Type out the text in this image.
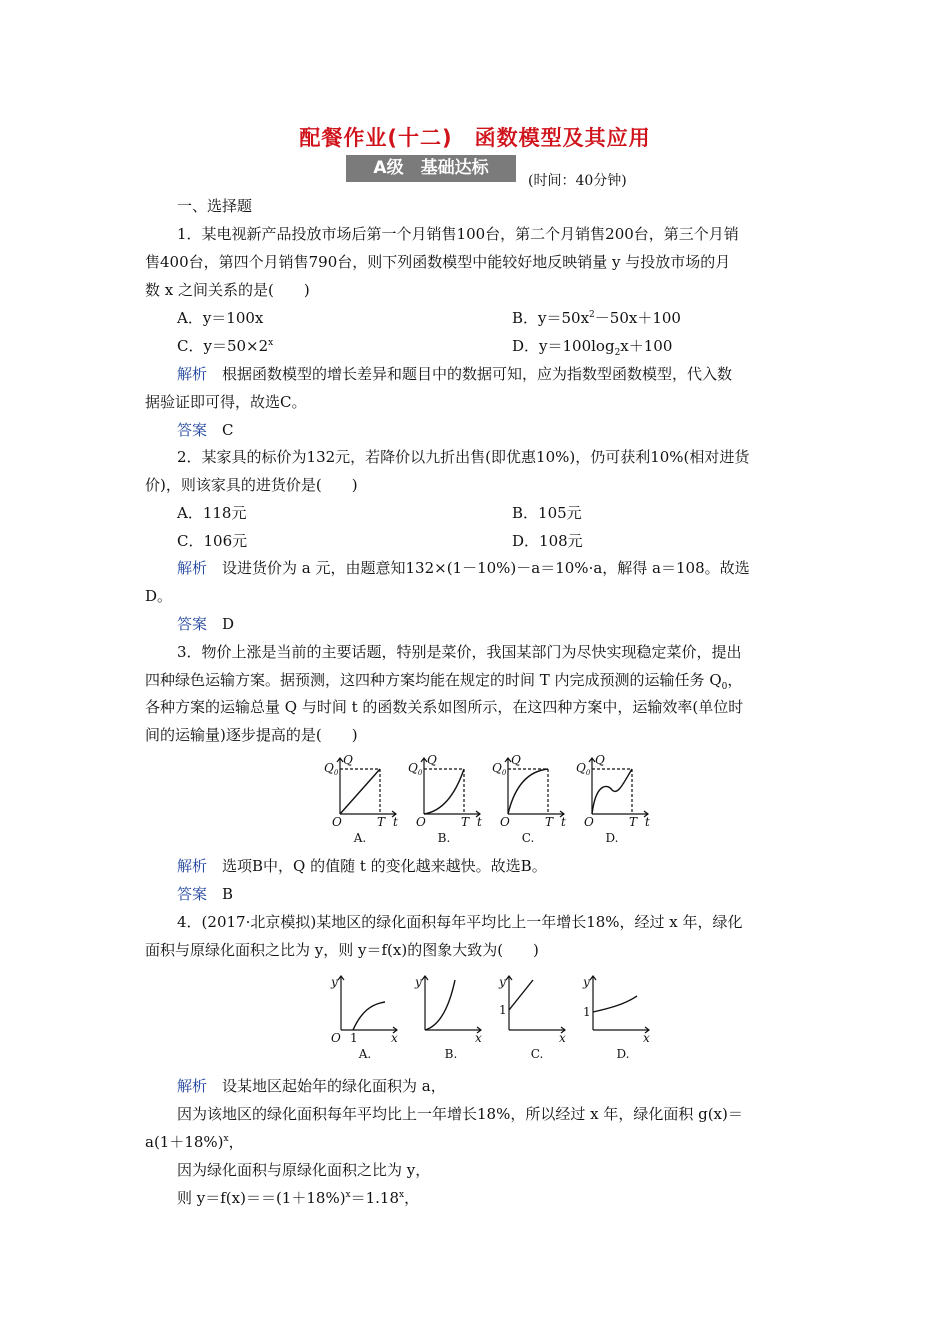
配餐作业(十二)　函数模型及其应用
A级　基础达标
(时间：40分钟)
一、选择题
1．某电视新产品投放市场后第一个月销售100台，第二个月销售200台，第三个月销
售400台，第四个月销售790台，则下列函数模型中能较好地反映销量 y 与投放市场的月
数 x 之间关系的是(　　)
A．y＝100x	B．$y=50x^2-50x+100$
C．$y=50\times 2^x$	D．$y=100\log_2x+100$
解析　根据函数模型的增长差异和题目中的数据可知，应为指数型函数模型，代入数
据验证即可得，故选C。
答案　C
2．某家具的标价为132元，若降价以九折出售(即优惠10%)，仍可获利10%(相对进货
价)，则该家具的进货价是(　　)
A．118元	B．105元
C．106元	D．108元
解析　设进货价为 a 元，由题意知132×(1－10%)－a＝10%·a，解得 a＝108。故选
D。
答案　D
3．物价上涨是当前的主要话题，特别是菜价，我国某部门为尽快实现稳定菜价，提出
四种绿色运输方案。据预测，这四种方案均能在规定的时间 T 内完成预测的运输任务 $Q_0$，
各种方案的运输总量 Q 与时间 t 的函数关系如图所示，在这四种方案中，运输效率(单位时
间的运输量)逐步提高的是(　　)
$Q_0$
Q
O	T t
$Q_0$
Q
O	T t
$Q_0$
Q
O	T t
$Q_0$
Q
O	T t
A.	B.	C.	D.
解析　选项B中，Q 的值随 t 的变化越来越快。故选B。
答案　B
4．(2017·北京模拟)某地区的绿化面积每年平均比上一年增长18%，经过 x 年，绿化
面积与原绿化面积之比为 y，则 y＝f(x)的图象大致为(　　)
y
O	x
y
x
y
x
y
x
1
1	1
A.	B.	C.	D.
解析　设某地区起始年的绿化面积为 a，
因为该地区的绿化面积每年平均比上一年增长18%，所以经过 x 年，绿化面积 g(x)＝
$a(1+18\%)^x$，
因为绿化面积与原绿化面积之比为 y，
则 $y=f(x)==(1+18\%)^x=1.18^x$，
